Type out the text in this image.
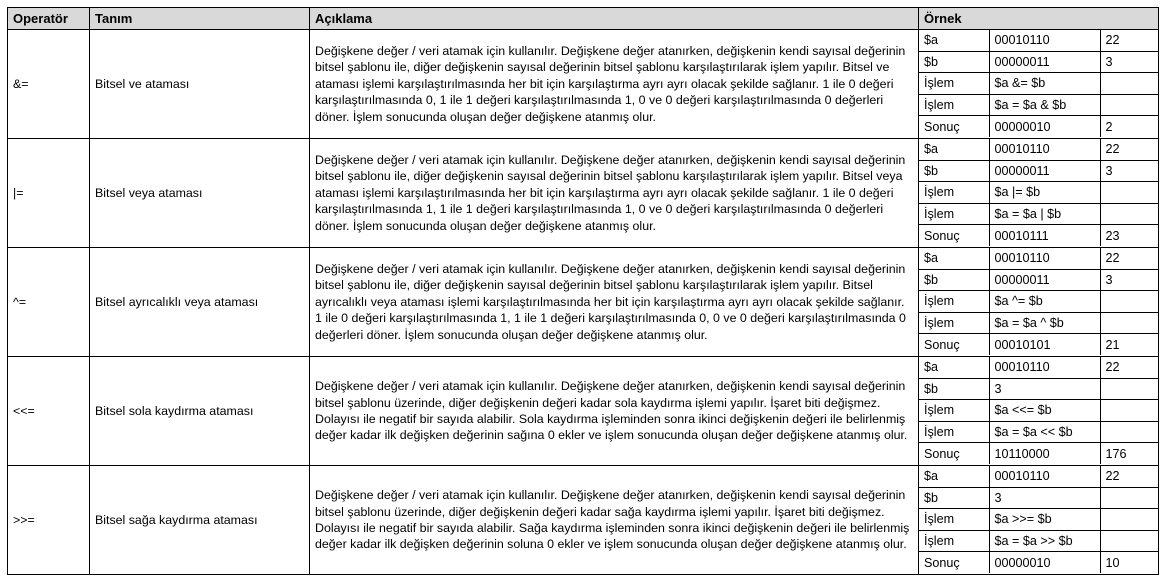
Operatör	Tanım	Açıklama	Örnek
&=	Bitsel ve ataması	Değişkene değer / veri atamak için kullanılır. Değişkene değer atanırken, değişkenin kendi sayısal değerinin bitsel şablonu ile, diğer değişkenin sayısal değerinin bitsel şablonu karşılaştırılarak işlem yapılır. Bitsel ve ataması işlemi karşılaştırılmasında her bit için karşılaştırma ayrı ayrı olacak şekilde sağlanır. 1 ile 0 değeri karşılaştırılmasında 0, 1 ile 1 değeri karşılaştırılmasında 1, 0 ve 0 değeri karşılaştırılmasında 0 değerleri döner. İşlem sonucunda oluşan değer değişkene atanmış olur.	
$a	00010110	22
$b	00000011	3
İşlem	$a &= $b	
İşlem	$a = $a & $b	
Sonuç	00000010	2

|=	Bitsel veya ataması	Değişkene değer / veri atamak için kullanılır. Değişkene değer atanırken, değişkenin kendi sayısal değerinin bitsel şablonu ile, diğer değişkenin sayısal değerinin bitsel şablonu karşılaştırılarak işlem yapılır. Bitsel veya ataması işlemi karşılaştırılmasında her bit için karşılaştırma ayrı ayrı olacak şekilde sağlanır. 1 ile 0 değeri karşılaştırılmasında 1, 1 ile 1 değeri karşılaştırılmasında 1, 0 ve 0 değeri karşılaştırılmasında 0 değerleri döner. İşlem sonucunda oluşan değer değişkene atanmış olur.	
$a	00010110	22
$b	00000011	3
İşlem	$a |= $b	
İşlem	$a = $a | $b	
Sonuç	00010111	23

^=	Bitsel ayrıcalıklı veya ataması	Değişkene değer / veri atamak için kullanılır. Değişkene değer atanırken, değişkenin kendi sayısal değerinin bitsel şablonu ile, diğer değişkenin sayısal değerinin bitsel şablonu karşılaştırılarak işlem yapılır. Bitsel ayrıcalıklı veya ataması işlemi karşılaştırılmasında her bit için karşılaştırma ayrı ayrı olacak şekilde sağlanır. 1 ile 0 değeri karşılaştırılmasında 1, 1 ile 1 değeri karşılaştırılmasında 0, 0 ve 0 değeri karşılaştırılmasında 0 değerleri döner. İşlem sonucunda oluşan değer değişkene atanmış olur.	
$a	00010110	22
$b	00000011	3
İşlem	$a ^= $b	
İşlem	$a = $a ^ $b	
Sonuç	00010101	21

<<=	Bitsel sola kaydırma ataması	Değişkene değer / veri atamak için kullanılır. Değişkene değer atanırken, değişkenin kendi sayısal değerinin bitsel şablonu üzerinde, diğer değişkenin değeri kadar sola kaydırma işlemi yapılır. İşaret biti değişmez. Dolayısı ile negatif bir sayıda alabilir. Sola kaydırma işleminden sonra ikinci değişkenin değeri ile belirlenmiş değer kadar ilk değişken değerinin sağına 0 ekler ve işlem sonucunda oluşan değer değişkene atanmış olur.	
$a	00010110	22
$b	3	
İşlem	$a <<= $b	
İşlem	$a = $a << $b	
Sonuç	10110000	176

>>=	Bitsel sağa kaydırma ataması	Değişkene değer / veri atamak için kullanılır. Değişkene değer atanırken, değişkenin kendi sayısal değerinin bitsel şablonu üzerinde, diğer değişkenin değeri kadar sağa kaydırma işlemi yapılır. İşaret biti değişmez. Dolayısı ile negatif bir sayıda alabilir. Sağa kaydırma işleminden sonra ikinci değişkenin değeri ile belirlenmiş değer kadar ilk değişken değerinin soluna 0 ekler ve işlem sonucunda oluşan değer değişkene atanmış olur.	
$a	00010110	22
$b	3	
İşlem	$a >>= $b	
İşlem	$a = $a >> $b	
Sonuç	00000010	10
